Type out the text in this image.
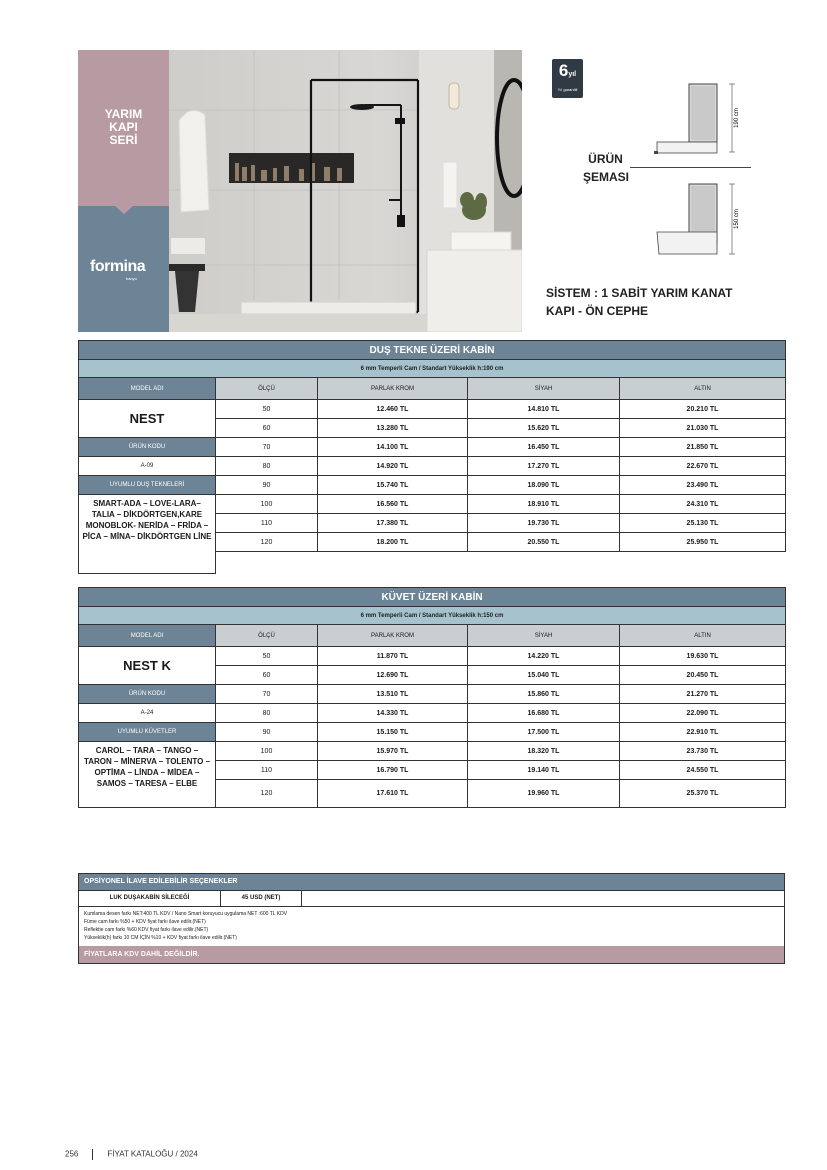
YARIM
KAPI
SERİ
formina
banyo
6yıl
Yıl garantili
ÜRÜN
ŞEMASI
190 cm
150 cm
SİSTEM : 1 SABİT YARIM KANAT
KAPI - ÖN CEPHE
DUŞ TEKNE ÜZERİ KABİN				
6 mm Temperli Cam / Standart Yükseklik h:190 cm				
MODEL ADI	ÖLÇÜ	PARLAK KROM	SİYAH	ALTIN
NEST	50	12.460 TL	14.810 TL	20.210 TL
	60	13.280 TL	15.620 TL	21.030 TL
ÜRÜN KODU	70	14.100 TL	16.450 TL	21.850 TL
A-09	80	14.920 TL	17.270 TL	22.670 TL
UYUMLU DUŞ TEKNELERİ	90	15.740 TL	18.090 TL	23.490 TL
SMART-ADA – LOVE-LARA– TALIA – DİKDÖRTGEN,KARE MONOBLOK- NERİDA – FRİDA – PİCA – MİNA– DİKDÖRTGEN LİNE	100	16.560 TL	18.910 TL	24.310 TL
	110	17.380 TL	19.730 TL	25.130 TL
	120	18.200 TL	20.550 TL	25.950 TL

KÜVET ÜZERİ KABİN				
6 mm Temperli Cam / Standart Yükseklik h:150 cm				
MODEL ADI	ÖLÇÜ	PARLAK KROM	SİYAH	ALTIN
NEST K	50	11.870 TL	14.220 TL	19.630 TL
	60	12.690 TL	15.040 TL	20.450 TL
ÜRÜN KODU	70	13.510 TL	15.860 TL	21.270 TL
A-24	80	14.330 TL	16.680 TL	22.090 TL
UYUMLU KÜVETLER	90	15.150 TL	17.500 TL	22.910 TL
CAROL – TARA – TANGO – TARON – MİNERVA – TOLENTO – OPTİMA – LİNDA – MİDEA – SAMOS – TARESA – ELBE	100	15.970 TL	18.320 TL	23.730 TL
	110	16.790 TL	19.140 TL	24.550 TL
	120	17.610 TL	19.960 TL	25.370 TL
OPSİYONEL İLAVE EDİLEBİLİR SEÇENEKLER
LUK DUŞAKABİN SİLECEĞİ	45 USD (NET)
Kumlama desen farkı NET:400 TL KDV / Nano Smart koruyucu uygulama NET :600 TL KDV
Füme cam farkı %50 + KDV fiyat farkı ilave edilir.(NET)
Reflektie cam farkı %60 KDV fiyat farkı ilave edilir.(NET)
Yükseklik(h) farkı 10 CM İÇİN %10 + KDV fiyat farkı ilave edilir.(NET)
FİYATLARA KDV DAHİL DEĞİLDİR.
256	FİYAT KATALOĞU / 2024
